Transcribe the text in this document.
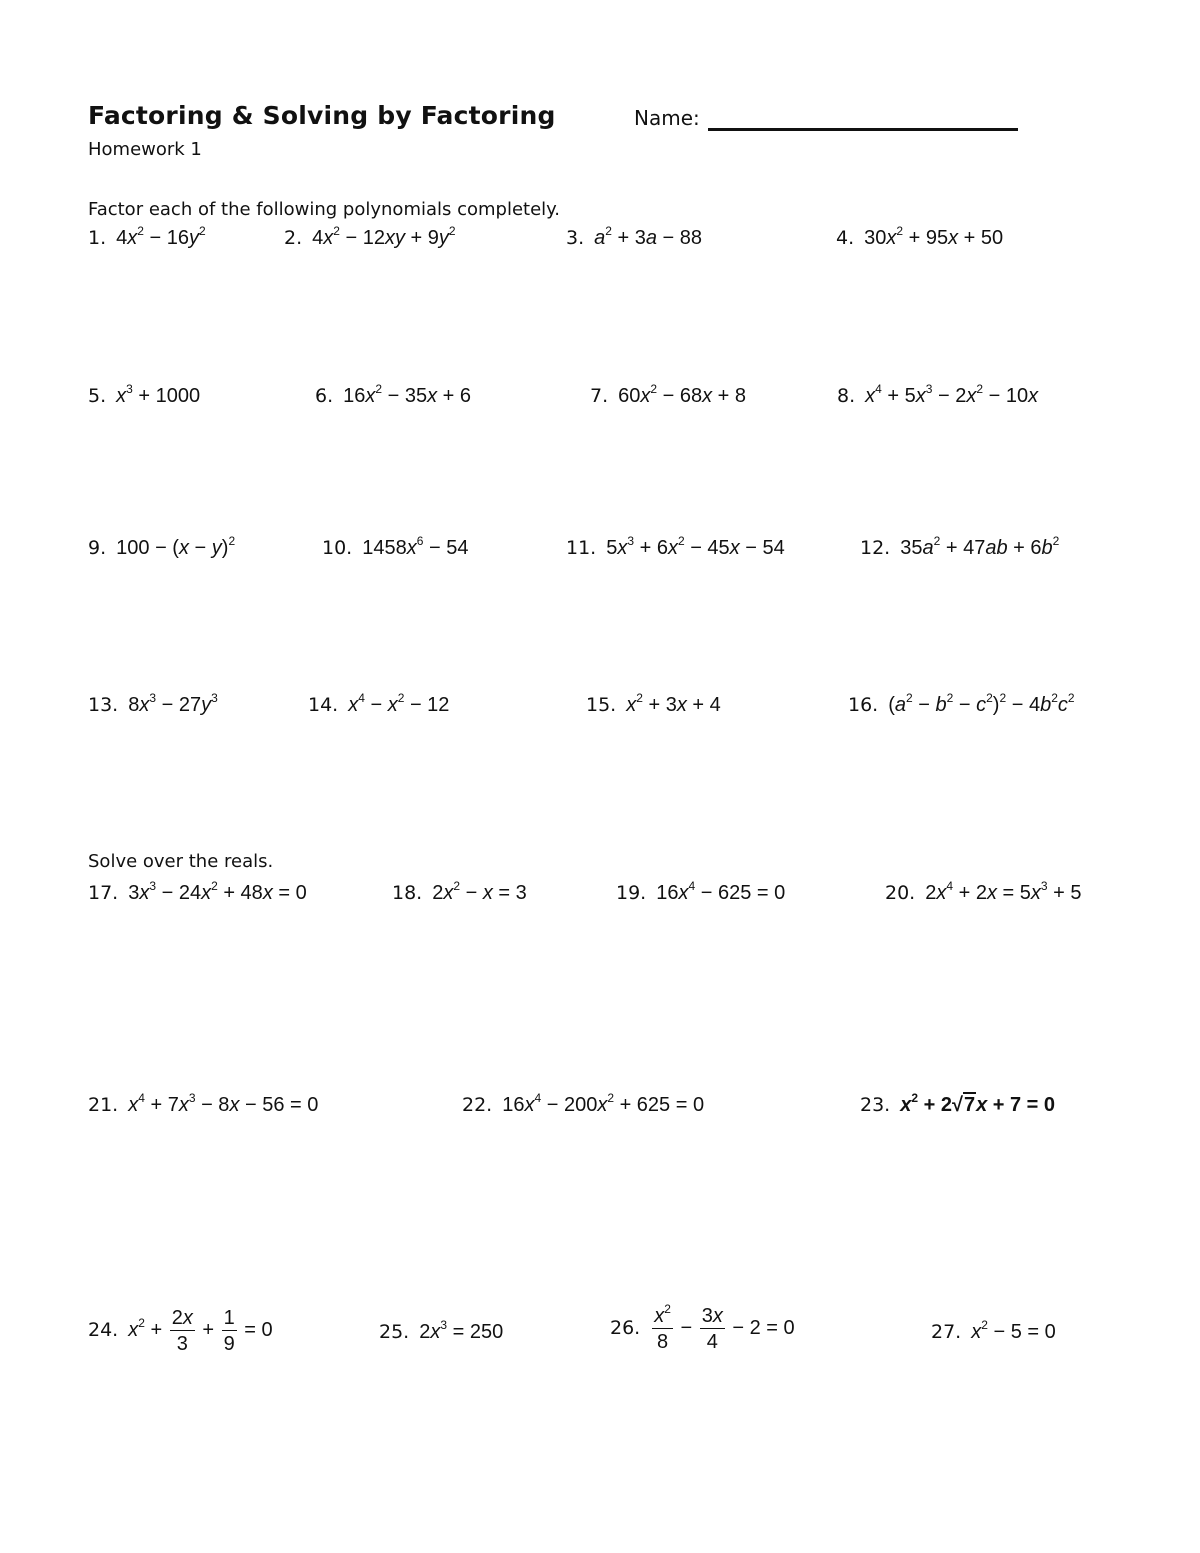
Factoring & Solving by Factoring	Name:
Homework 1
Factor each of the following polynomials completely.
1. $4x^2 - 16y^2$	2. $4x^2 - 12xy + 9y^2$	3. $a^2 + 3a - 88$	4. $30x^2 + 95x + 50$
5. $x^3 + 1000$	6. $16x^2 - 35x + 6$	7. $60x^2 - 68x + 8$	8. $x^4 + 5x^3 - 2x^2 - 10x$
9. $100 - (x - y)^2$	10. $1458x^6 - 54$	11. $5x^3 + 6x^2 - 45x - 54$	12. $35a^2 + 47ab + 6b^2$
13. $8x^3 - 27y^3$	14. $x^4 - x^2 - 12$	15. $x^2 + 3x + 4$	16. $(a^2 - b^2 - c^2)^2 - 4b^2c^2$
Solve over the reals.
17. $3x^3 - 24x^2 + 48x = 0$	18. $2x^2 - x = 3$	19. $16x^4 - 625 = 0$	20. $2x^4 + 2x = 5x^3 + 5$
21. $x^4 + 7x^3 - 8x - 56 = 0$	22. $16x^4 - 200x^2 + 625 = 0$	23. $x^2 + 2√7x + 7 = 0$
24. $x^2 + \frac{2x}{3} + \frac{1}{9} = 0$	25. $2x^3 = 250$	26. $\frac{x^2}{8} - \frac{3x}{4} - 2 = 0$	27. $x^2 - 5 = 0$
